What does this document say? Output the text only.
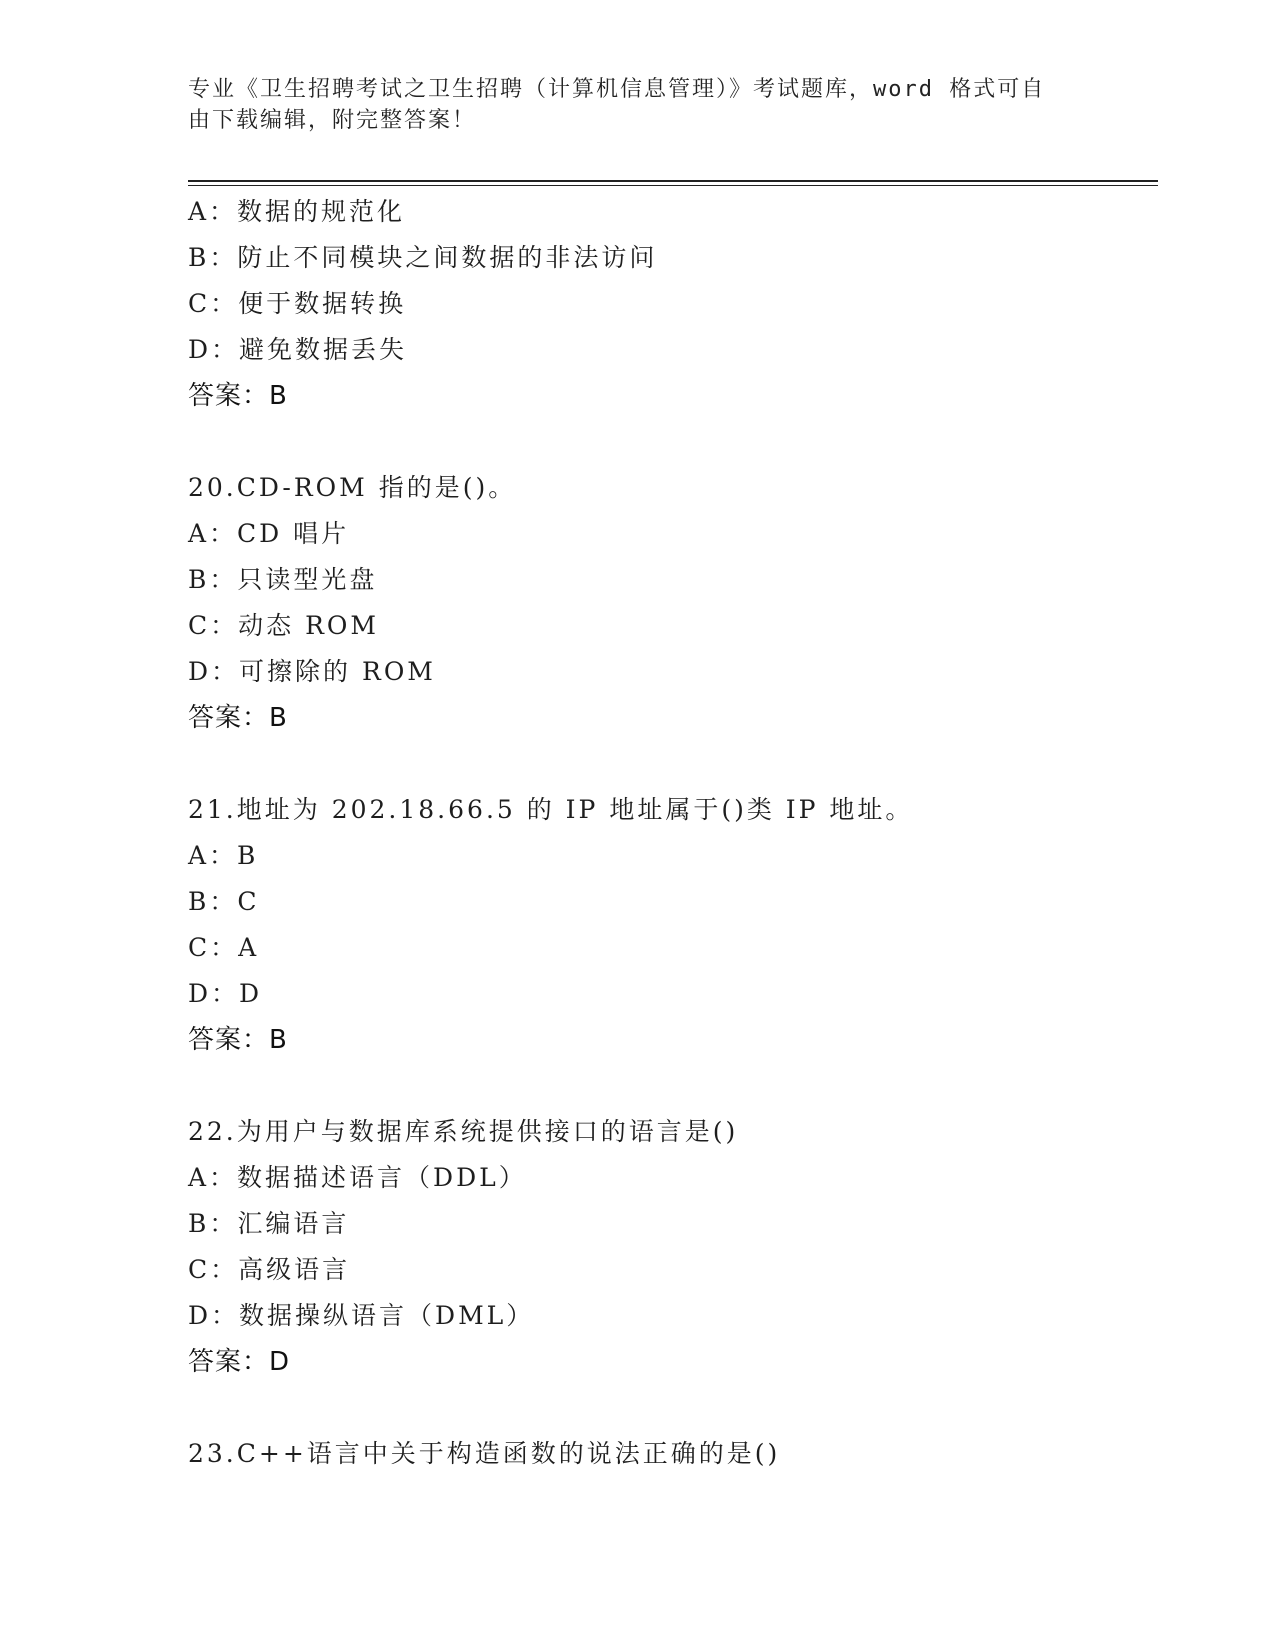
专业《卫生招聘考试之卫生招聘（计算机信息管理）》考试题库，word 格式可自
由下载编辑，附完整答案！
A：数据的规范化
B：防止不同模块之间数据的非法访问
C：便于数据转换
D：避免数据丢失
答案：B
20.CD-ROM 指的是()。
A：CD 唱片
B：只读型光盘
C：动态 ROM
D：可擦除的 ROM
答案：B
21.地址为 202.18.66.5 的 IP 地址属于()类 IP 地址。
A：B
B：C
C：A
D：D
答案：B
22.为用户与数据库系统提供接口的语言是()
A：数据描述语言（DDL）
B：汇编语言
C：高级语言
D：数据操纵语言（DML）
答案：D
23.C++语言中关于构造函数的说法正确的是()
